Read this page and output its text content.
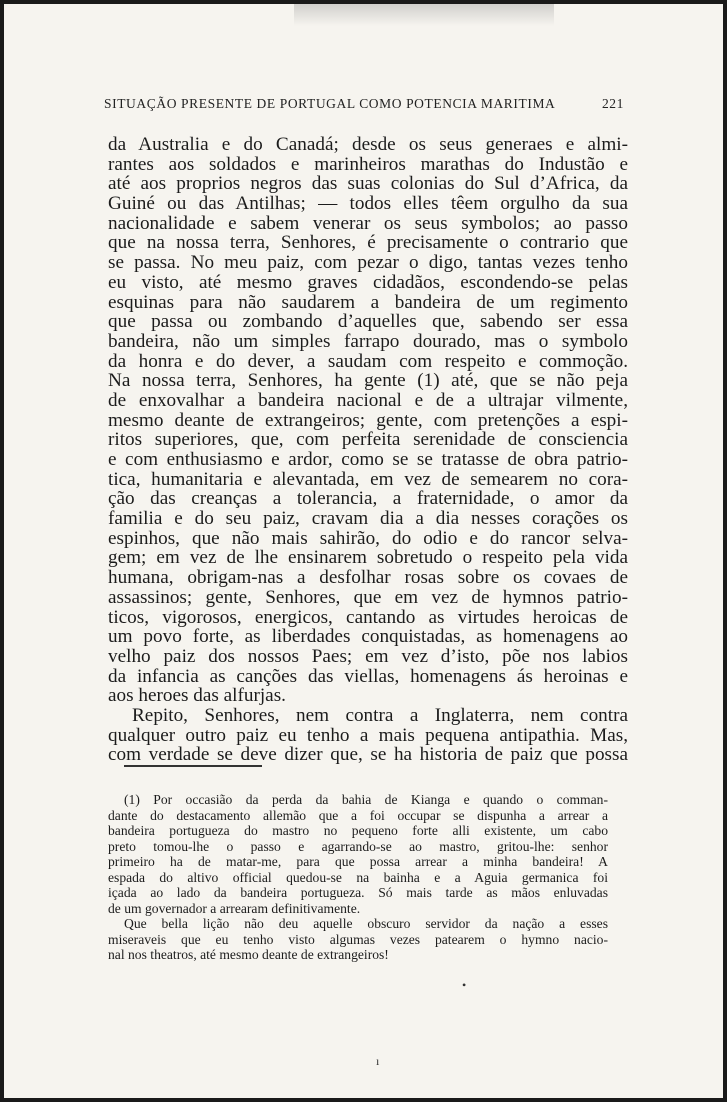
SITUAÇÃO PRESENTE DE PORTUGAL COMO POTENCIA MARITIMA	221
da Australia e do Canadá; desde os seus generaes e almi-
rantes aos soldados e marinheiros marathas do Industão e
até aos proprios negros das suas colonias do Sul d’Africa, da
Guiné ou das Antilhas; — todos elles têem orgulho da sua
nacionalidade e sabem venerar os seus symbolos; ao passo
que na nossa terra, Senhores, é precisamente o contrario que
se passa. No meu paiz, com pezar o digo, tantas vezes tenho
eu visto, até mesmo graves cidadãos, escondendo-se pelas
esquinas para não saudarem a bandeira de um regimento
que passa ou zombando d’aquelles que, sabendo ser essa
bandeira, não um simples farrapo dourado, mas o symbolo
da honra e do dever, a saudam com respeito e commoção.
Na nossa terra, Senhores, ha gente (1) até, que se não peja
de enxovalhar a bandeira nacional e de a ultrajar vilmente,
mesmo deante de extrangeiros; gente, com pretenções a espi-
ritos superiores, que, com perfeita serenidade de consciencia
e com enthusiasmo e ardor, como se se tratasse de obra patrio-
tica, humanitaria e alevantada, em vez de semearem no cora-
ção das creanças a tolerancia, a fraternidade, o amor da
familia e do seu paiz, cravam dia a dia nesses corações os
espinhos, que não mais sahirão, do odio e do rancor selva-
gem; em vez de lhe ensinarem sobretudo o respeito pela vida
humana, obrigam-nas a desfolhar rosas sobre os covaes de
assassinos; gente, Senhores, que em vez de hymnos patrio-
ticos, vigorosos, energicos, cantando as virtudes heroicas de
um povo forte, as liberdades conquistadas, as homenagens ao
velho paiz dos nossos Paes; em vez d’isto, põe nos labios
da infancia as canções das viellas, homenagens ás heroinas e
aos heroes das alfurjas.
Repito, Senhores, nem contra a Inglaterra, nem contra
qualquer outro paiz eu tenho a mais pequena antipathia. Mas,
com verdade se deve dizer que, se ha historia de paiz que possa
(1) Por occasião da perda da bahia de Kianga e quando o comman-
dante do destacamento allemão que a foi occupar se dispunha a arrear a
bandeira portugueza do mastro no pequeno forte alli existente, um cabo
preto tomou-lhe o passo e agarrando-se ao mastro, gritou-lhe: senhor
primeiro ha de matar-me, para que possa arrear a minha bandeira! A
espada do altivo official quedou-se na bainha e a Aguia germanica foi
içada ao lado da bandeira portugueza. Só mais tarde as mãos enluvadas
de um governador a arrearam definitivamente.
Que bella lição não deu aquelle obscuro servidor da nação a esses
miseraveis que eu tenho visto algumas vezes patearem o hymno nacio-
nal nos theatros, até mesmo deante de extrangeiros!
•
ı
